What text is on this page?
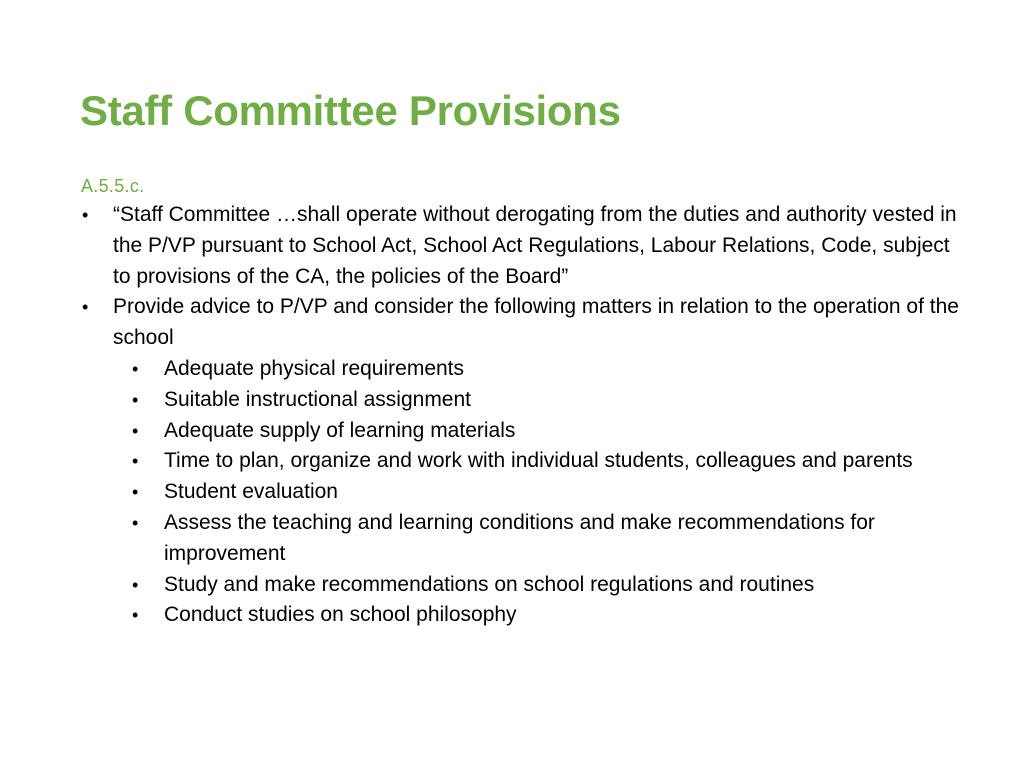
Staff Committee Provisions
A.5.5.c.
• “Staff Committee …shall operate without derogating from the duties and authority vested in the P/VP pursuant to School Act, School Act Regulations, Labour Relations, Code, subject to provisions of the CA, the policies of the Board”
• Provide advice to P/VP and consider the following matters in relation to the operation of the school
• Adequate physical requirements
• Suitable instructional assignment
• Adequate supply of learning materials
• Time to plan, organize and work with individual students, colleagues and parents
• Student evaluation
• Assess the teaching and learning conditions and make recommendations for improvement
• Study and make recommendations on school regulations and routines
• Conduct studies on school philosophy
